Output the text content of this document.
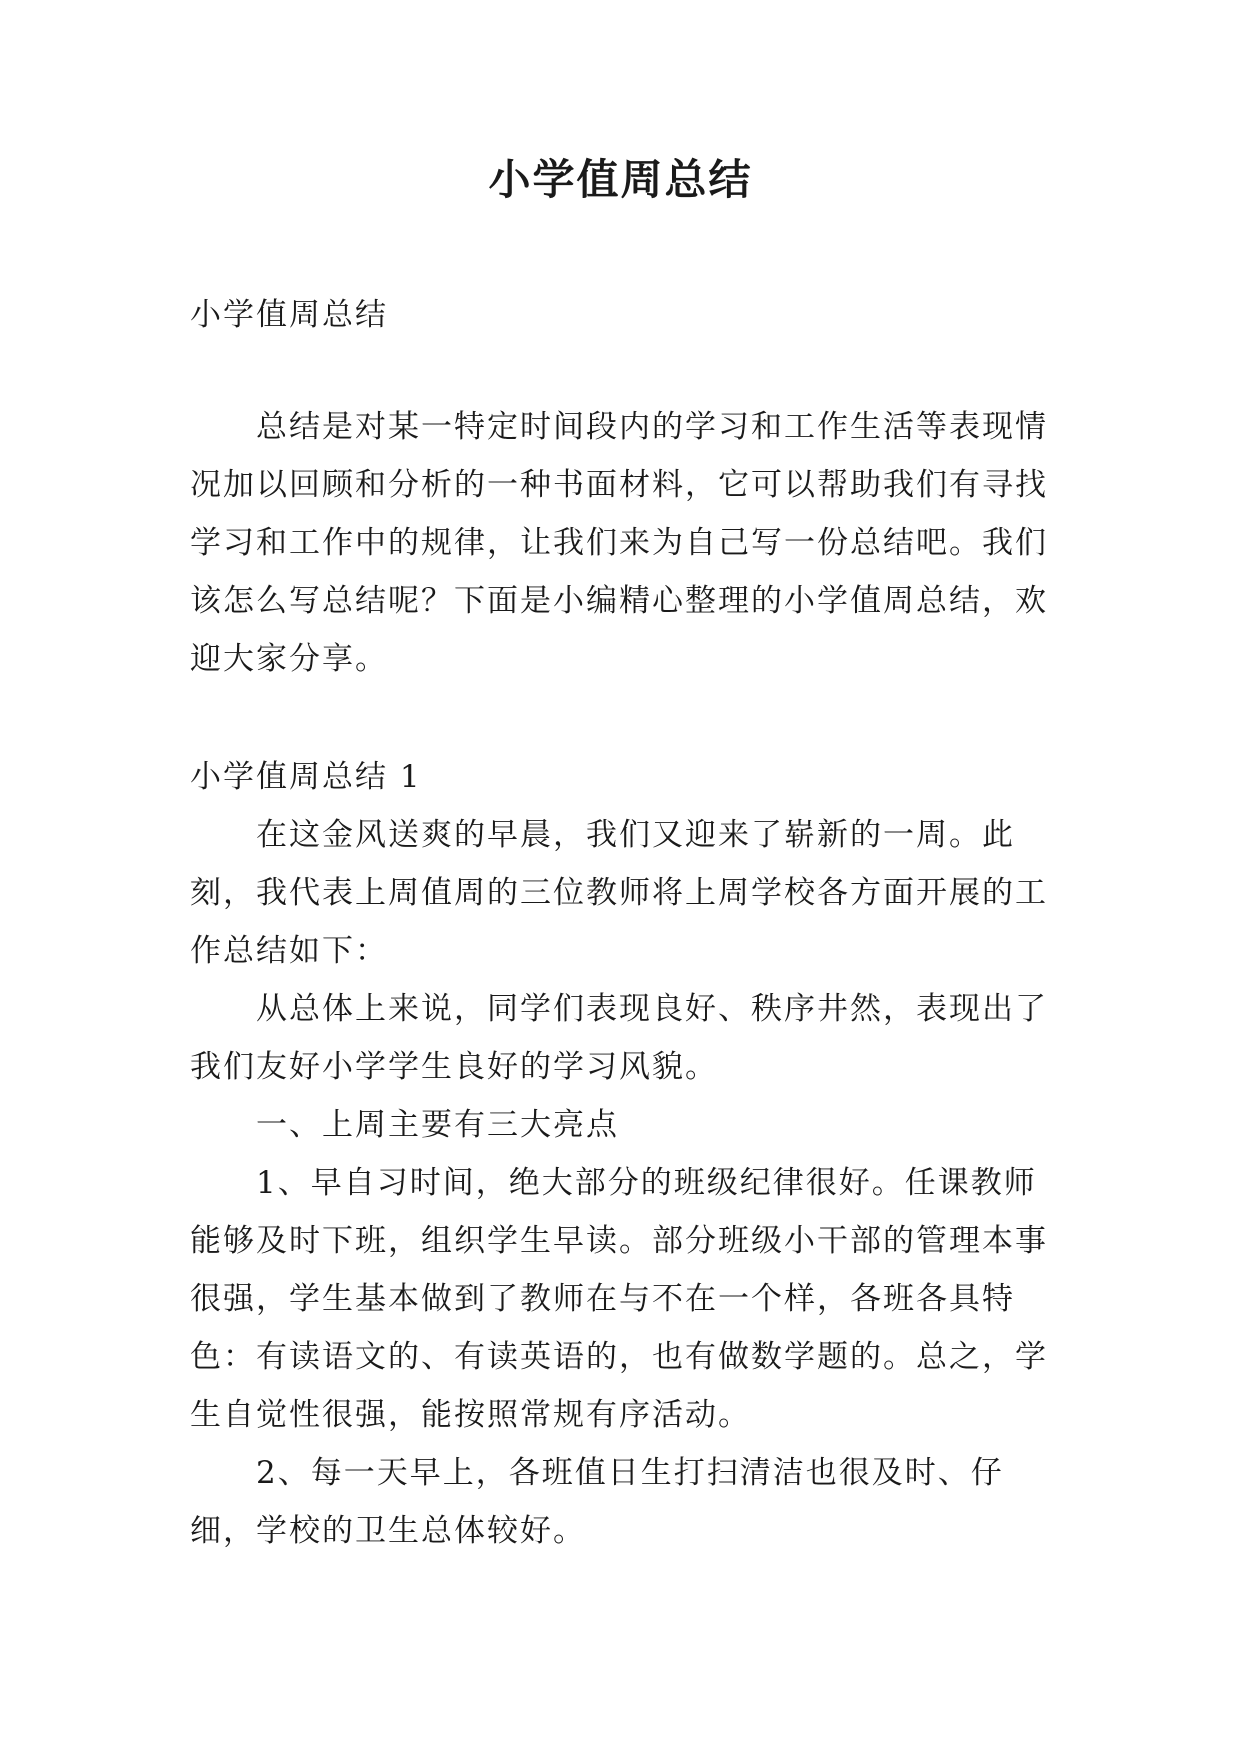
小学值周总结

小学值周总结

总结是对某一特定时间段内的学习和工作生活等表现情况加以回顾和分析的一种书面材料，它可以帮助我们有寻找学习和工作中的规律，让我们来为自己写一份总结吧。我们该怎么写总结呢？下面是小编精心整理的小学值周总结，欢迎大家分享。

小学值周总结 1

在这金风送爽的早晨，我们又迎来了崭新的一周。此刻，我代表上周值周的三位教师将上周学校各方面开展的工作总结如下：

从总体上来说，同学们表现良好、秩序井然，表现出了我们友好小学学生良好的学习风貌。

一、上周主要有三大亮点

1、早自习时间，绝大部分的班级纪律很好。任课教师能够及时下班，组织学生早读。部分班级小干部的管理本事很强，学生基本做到了教师在与不在一个样，各班各具特色：有读语文的、有读英语的，也有做数学题的。总之，学生自觉性很强，能按照常规有序活动。

2、每一天早上，各班值日生打扫清洁也很及时、仔细，学校的卫生总体较好。
